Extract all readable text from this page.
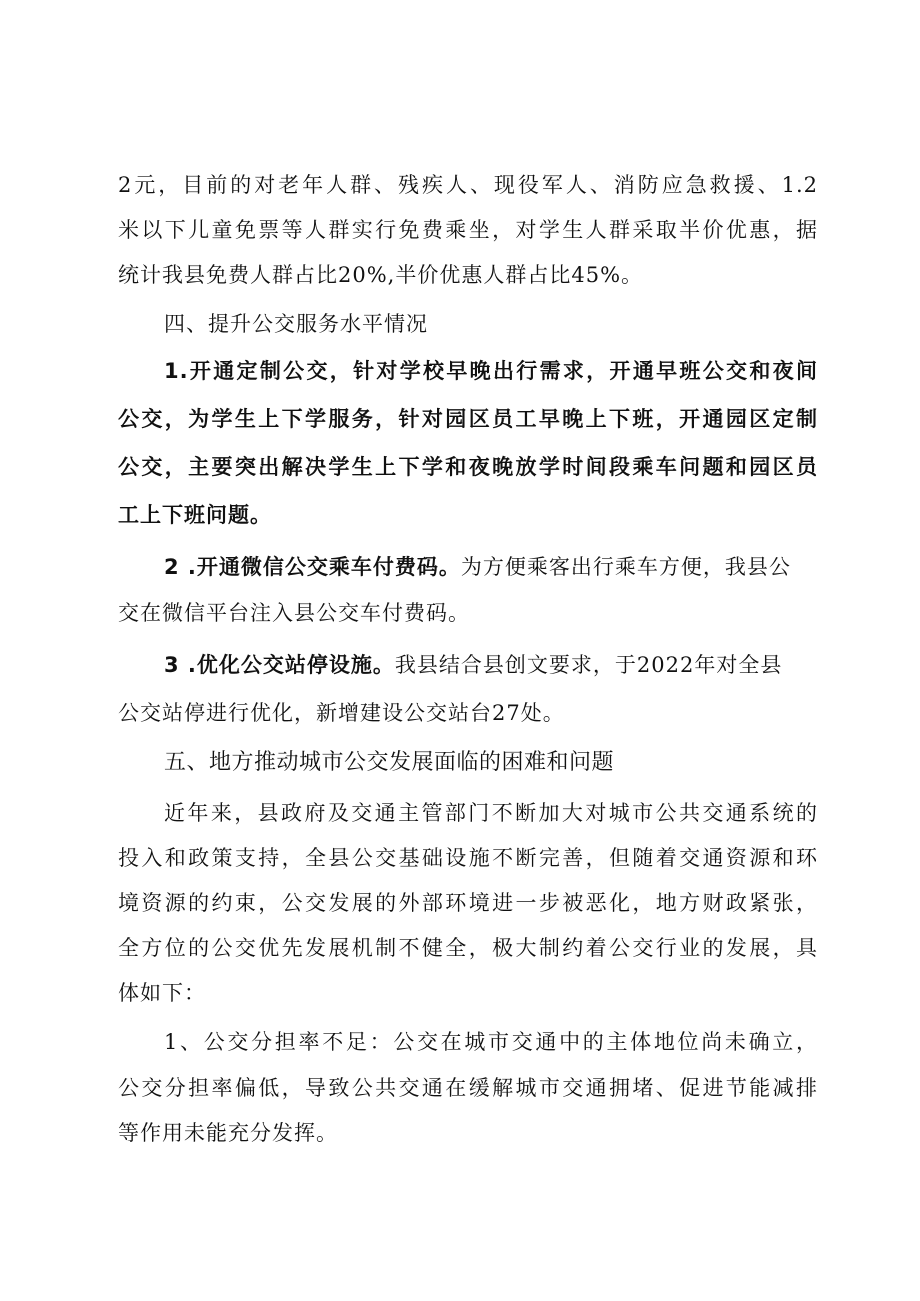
2元，目前的对老年人群、残疾人、现役军人、消防应急救援、1.2
米以下儿童免票等人群实行免费乘坐，对学生人群采取半价优惠，据
统计我县免费人群占比20%,半价优惠人群占比45%。
四、提升公交服务水平情况
1.开通定制公交，针对学校早晚出行需求，开通早班公交和夜间
公交，为学生上下学服务，针对园区员工早晚上下班，开通园区定制
公交，主要突出解决学生上下学和夜晚放学时间段乘车问题和园区员
工上下班问题。
2 .开通微信公交乘车付费码。为方便乘客出行乘车方便，我县公
交在微信平台注入县公交车付费码。
3 .优化公交站停设施。我县结合县创文要求，于2022年对全县
公交站停进行优化，新增建设公交站台27处。
五、地方推动城市公交发展面临的困难和问题
近年来，县政府及交通主管部门不断加大对城市公共交通系统的
投入和政策支持，全县公交基础设施不断完善，但随着交通资源和环
境资源的约束，公交发展的外部环境进一步被恶化，地方财政紧张，
全方位的公交优先发展机制不健全，极大制约着公交行业的发展，具
体如下：
1、公交分担率不足：公交在城市交通中的主体地位尚未确立，
公交分担率偏低，导致公共交通在缓解城市交通拥堵、促进节能减排
等作用未能充分发挥。
